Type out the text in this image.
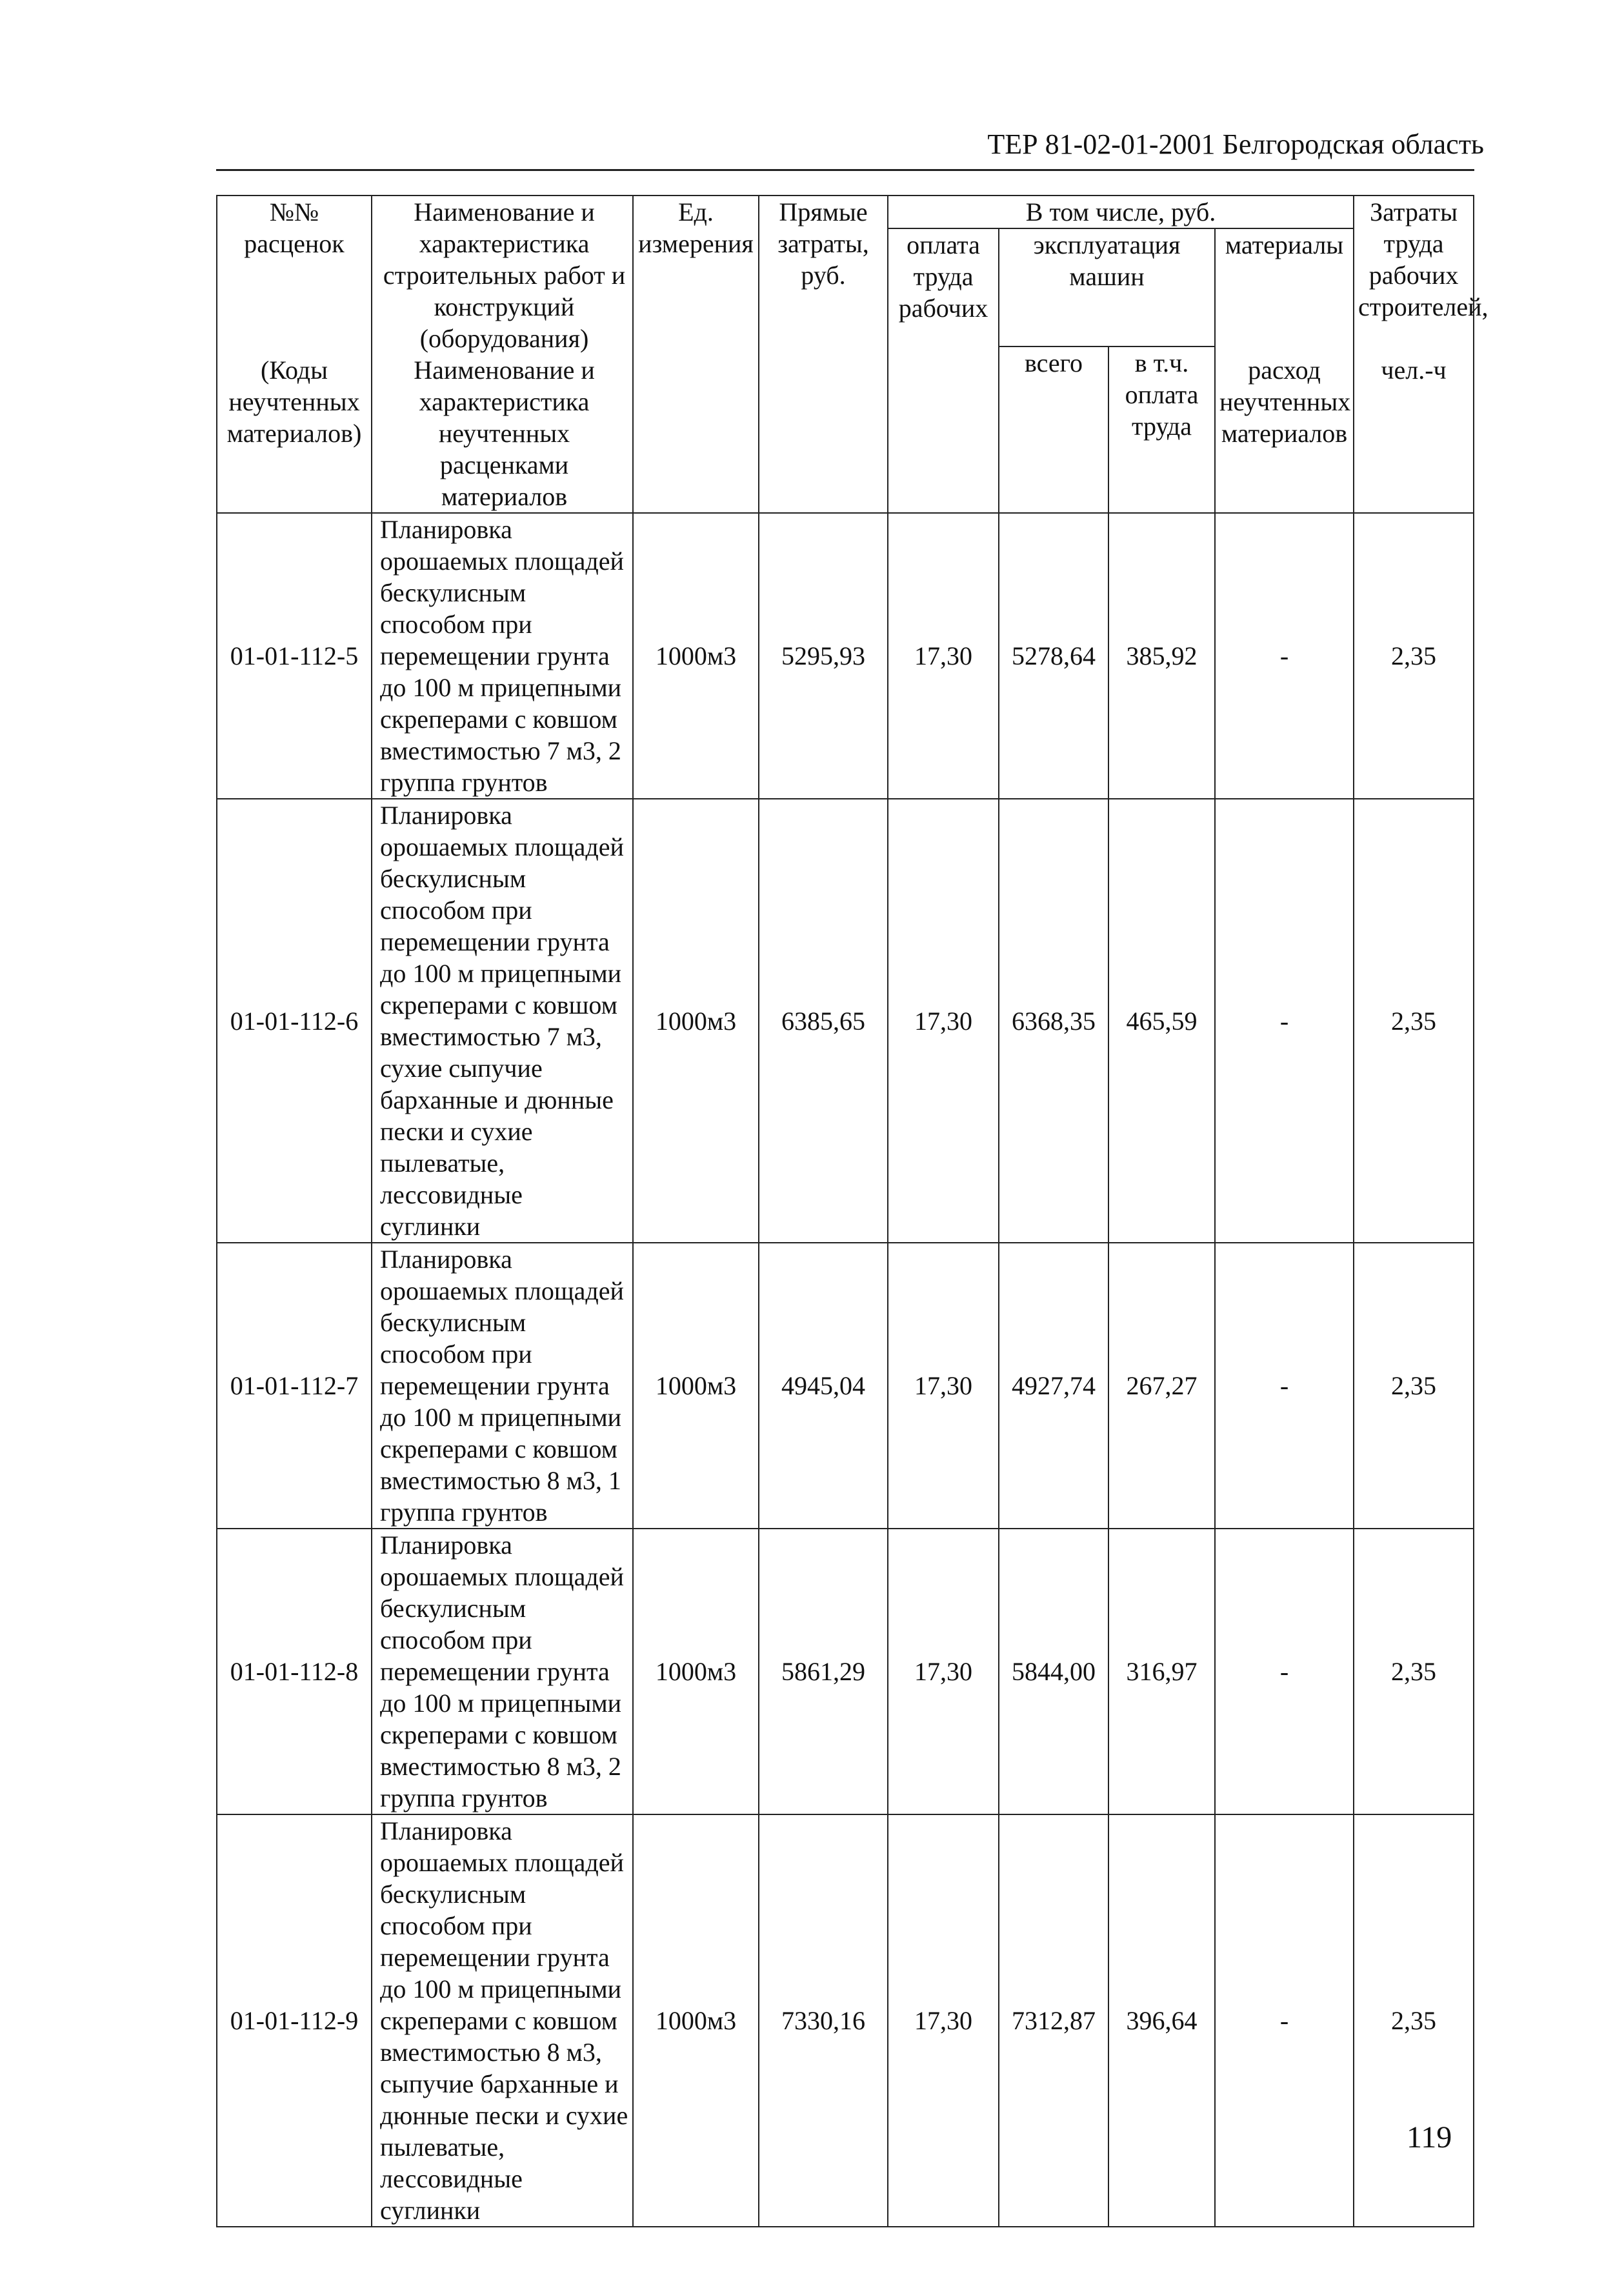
ТЕР 81-02-01-2001 Белгородская область
№№ расценок	Наименование и характеристика строительных работ и конструкций (оборудования)	Ед. измерения	Прямые затраты, руб.	В том числе, руб.				Затраты труда рабочих строителей,
				оплата труда рабочих	эксплуатация машин		материалы	
					всего	в т.ч. оплата труда		
(Коды неучтенных материалов)	Наименование и характеристика неучтенных расценками материалов						расход неучтенных материалов	чел.-ч
01-01-112-5	Планировка орошаемых площадей бескулисным способом при перемещении грунта до 100 м прицепными скреперами с ковшом вместимостью 7 м3, 2 группа грунтов	1000м3	5295,93	17,30	5278,64	385,92	-	2,35
01-01-112-6	Планировка орошаемых площадей бескулисным способом при перемещении грунта до 100 м прицепными скреперами с ковшом вместимостью 7 м3, сухие сыпучие барханные и дюнные пески и сухие пылеватые, лессовидные суглинки	1000м3	6385,65	17,30	6368,35	465,59	-	2,35
01-01-112-7	Планировка орошаемых площадей бескулисным способом при перемещении грунта до 100 м прицепными скреперами с ковшом вместимостью 8 м3, 1 группа грунтов	1000м3	4945,04	17,30	4927,74	267,27	-	2,35
01-01-112-8	Планировка орошаемых площадей бескулисным способом при перемещении грунта до 100 м прицепными скреперами с ковшом вместимостью 8 м3, 2 группа грунтов	1000м3	5861,29	17,30	5844,00	316,97	-	2,35
01-01-112-9	Планировка орошаемых площадей бескулисным способом при перемещении грунта до 100 м прицепными скреперами с ковшом вместимостью 8 м3, сыпучие барханные и дюнные пески и сухие пылеватые, лессовидные суглинки	1000м3	7330,16	17,30	7312,87	396,64	-	2,35
119
